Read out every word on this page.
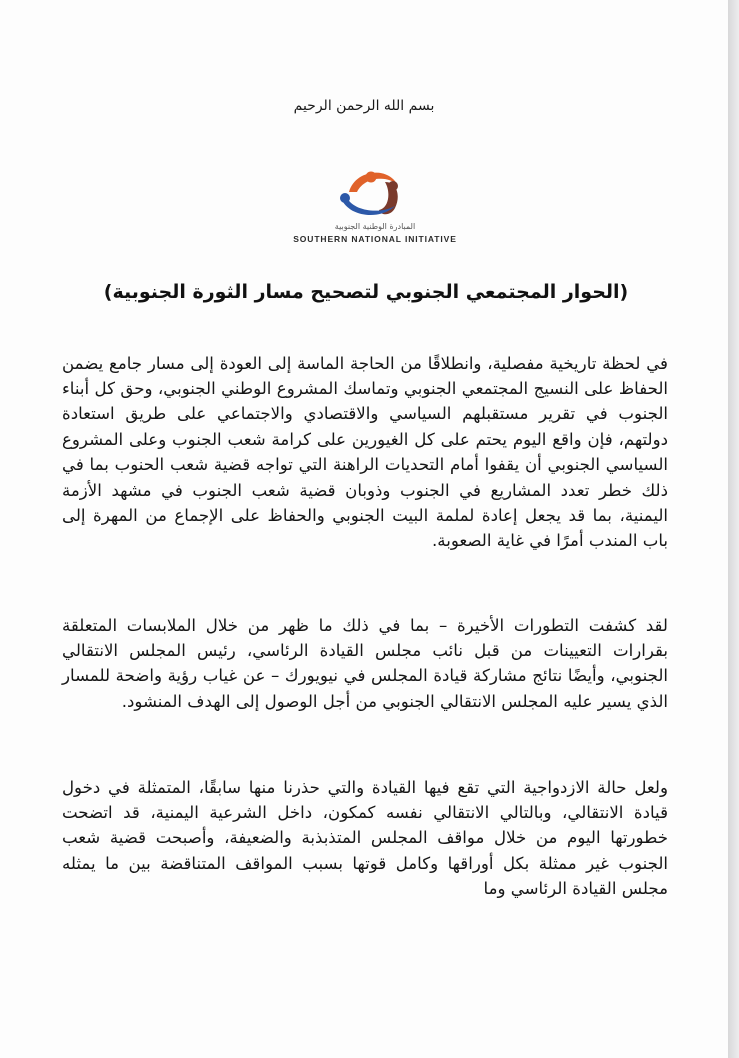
بسم الله الرحمن الرحيم
المبادرة الوطنية الجنوبية
SOUTHERN NATIONAL INITIATIVE
(الحوار المجتمعي الجنوبي لتصحيح مسار الثورة الجنوبية)

في لحظة تاريخية مفصلية، وانطلاقًا من الحاجة الماسة إلى العودة إلى مسار جامع يضمن الحفاظ على النسيج المجتمعي الجنوبي وتماسك المشروع الوطني الجنوبي، وحق كل أبناء الجنوب في تقرير مستقبلهم السياسي والاقتصادي والاجتماعي على طريق استعادة دولتهم، فإن واقع اليوم يحتم على كل الغيورين على كرامة شعب الجنوب وعلى المشروع السياسي الجنوبي أن يقفوا أمام التحديات الراهنة التي تواجه قضية شعب الحنوب بما في ذلك خطر تعدد المشاريع في الجنوب وذوبان قضية شعب الجنوب في مشهد الأزمة اليمنية، بما قد يجعل إعادة لملمة البيت الجنوبي والحفاظ على الإجماع من المهرة إلى باب المندب أمرًا في غاية الصعوبة.

لقد كشفت التطورات الأخيرة – بما في ذلك ما ظهر من خلال الملابسات المتعلقة بقرارات التعيينات من قبل نائب مجلس القيادة الرئاسي، رئيس المجلس الانتقالي الجنوبي، وأيضًا نتائج مشاركة قيادة المجلس في نيويورك – عن غياب رؤية واضحة للمسار الذي يسير عليه المجلس الانتقالي الجنوبي من أجل الوصول إلى الهدف المنشود.

ولعل حالة الازدواجية التي تقع فيها القيادة والتي حذرنا منها سابقًا، المتمثلة في دخول قيادة الانتقالي، وبالتالي الانتقالي نفسه كمكون، داخل الشرعية اليمنية، قد اتضحت خطورتها اليوم من خلال مواقف المجلس المتذبذبة والضعيفة، وأصبحت قضية شعب الجنوب غير ممثلة بكل أوراقها وكامل قوتها بسبب المواقف المتناقضة بين ما يمثله مجلس القيادة الرئاسي وما
